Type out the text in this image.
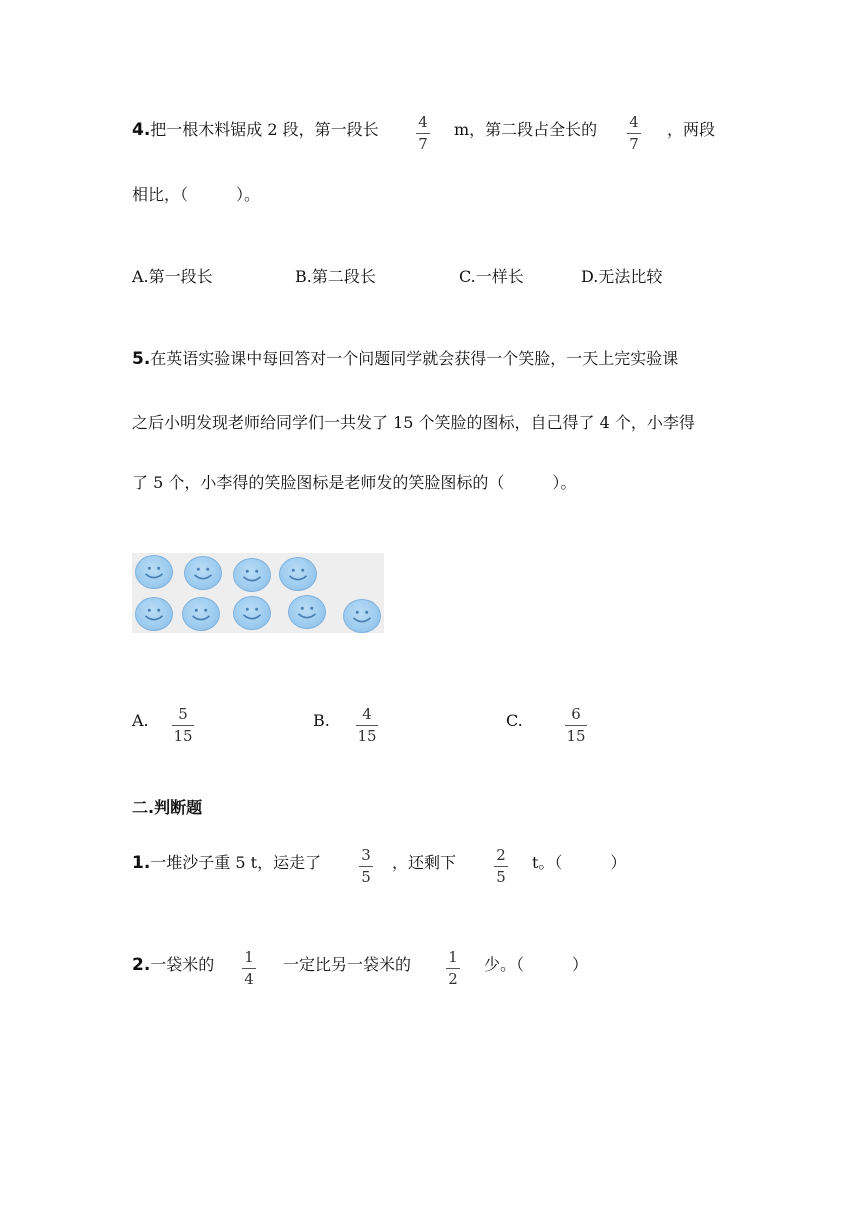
4.把一根木料锯成 2 段，第一段长	4
7
m，第二段占全长的 4
7
，两段
相比，（　　　）。
A.第一段长	B.第二段长	C.一样长	D.无法比较
5.在英语实验课中每回答对一个问题同学就会获得一个笑脸，一天上完实验课
之后小明发现老师给同学们一共发了 15 个笑脸的图标，自己得了 4 个，小李得
了 5 个，小李得的笑脸图标是老师发的笑脸图标的（　　　）。
A. 5
15
B. 4
15
C.	6
15
二.判断题
1.一堆沙子重 5 t，运走了	3
5
，还剩下	2
5
t。（　　　）
2.一袋米的 1
4
一定比另一袋米的 1
2
少。（　　　）
